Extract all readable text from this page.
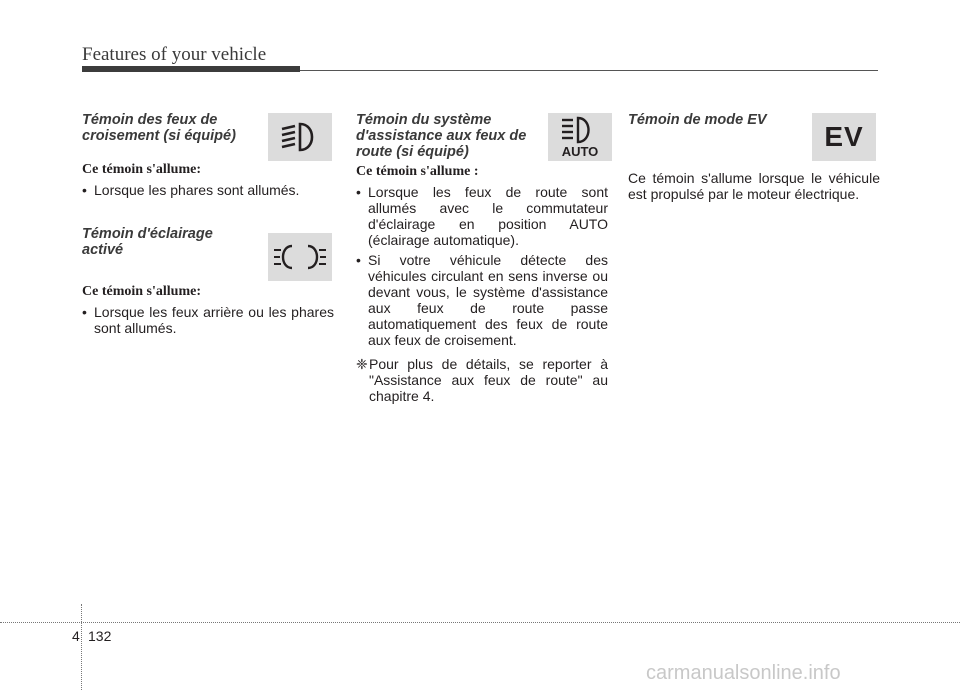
Features of your vehicle

Témoin des feux de
croisement (si équipé)

Ce témoin s'allume:

• Lorsque les phares sont allumés.

Témoin d'éclairage
activé

Ce témoin s'allume:

• Lorsque les feux arrière ou les phares sont allumés.

Témoin du système
d'assistance aux feux de
route (si équipé)

Ce témoin s'allume :

• Lorsque les feux de route sont allumés avec le commutateur d'éclairage en position AUTO (éclairage automatique).

• Si votre véhicule détecte des véhicules circulant en sens inverse ou devant vous, le système d'assistance aux feux de route passe automatiquement des feux de route aux feux de croisement.

❈ Pour plus de détails, se reporter à "Assistance aux feux de route" au chapitre 4.
AUTO

Témoin de mode EV

Ce témoin s'allume lorsque le véhicule est propulsé par le moteur électrique.

EV
4 132
carmanualsonline.info
